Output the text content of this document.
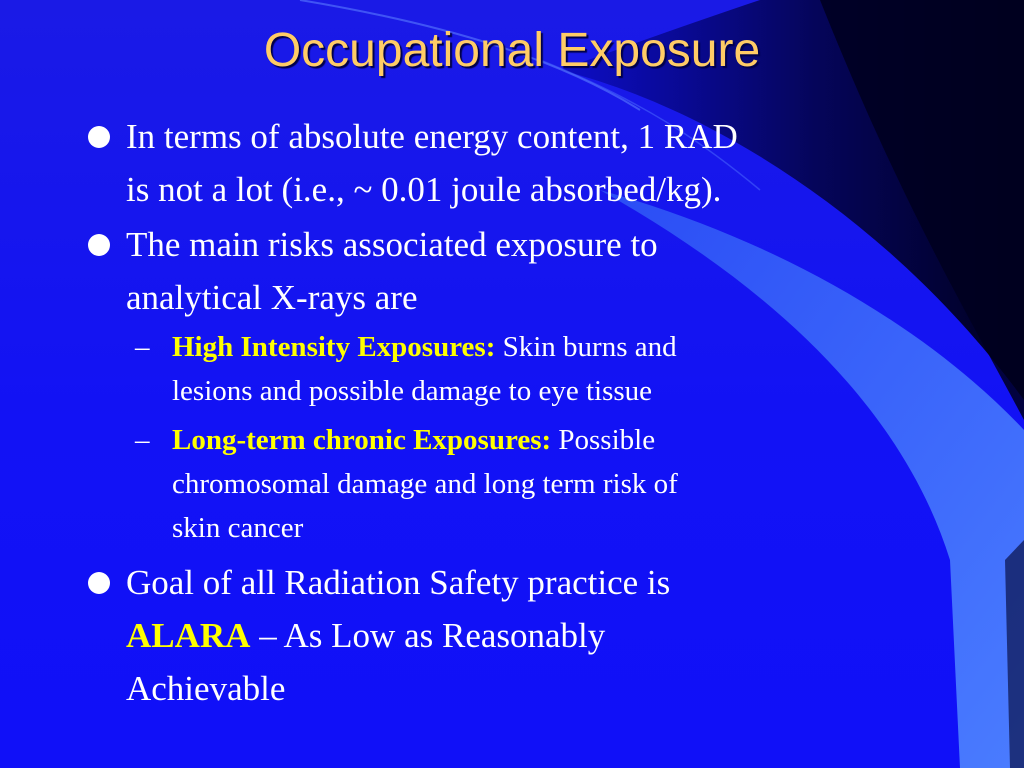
Occupational Exposure
In terms of absolute energy content, 1 RAD
is not a lot (i.e., ~ 0.01 joule absorbed/kg).
The main risks associated exposure to
analytical X-rays are
– High Intensity Exposures: Skin burns and
lesions and possible damage to eye tissue
– Long-term chronic Exposures: Possible
chromosomal damage and long term risk of
skin cancer
Goal of all Radiation Safety practice is
ALARA – As Low as Reasonably
Achievable
